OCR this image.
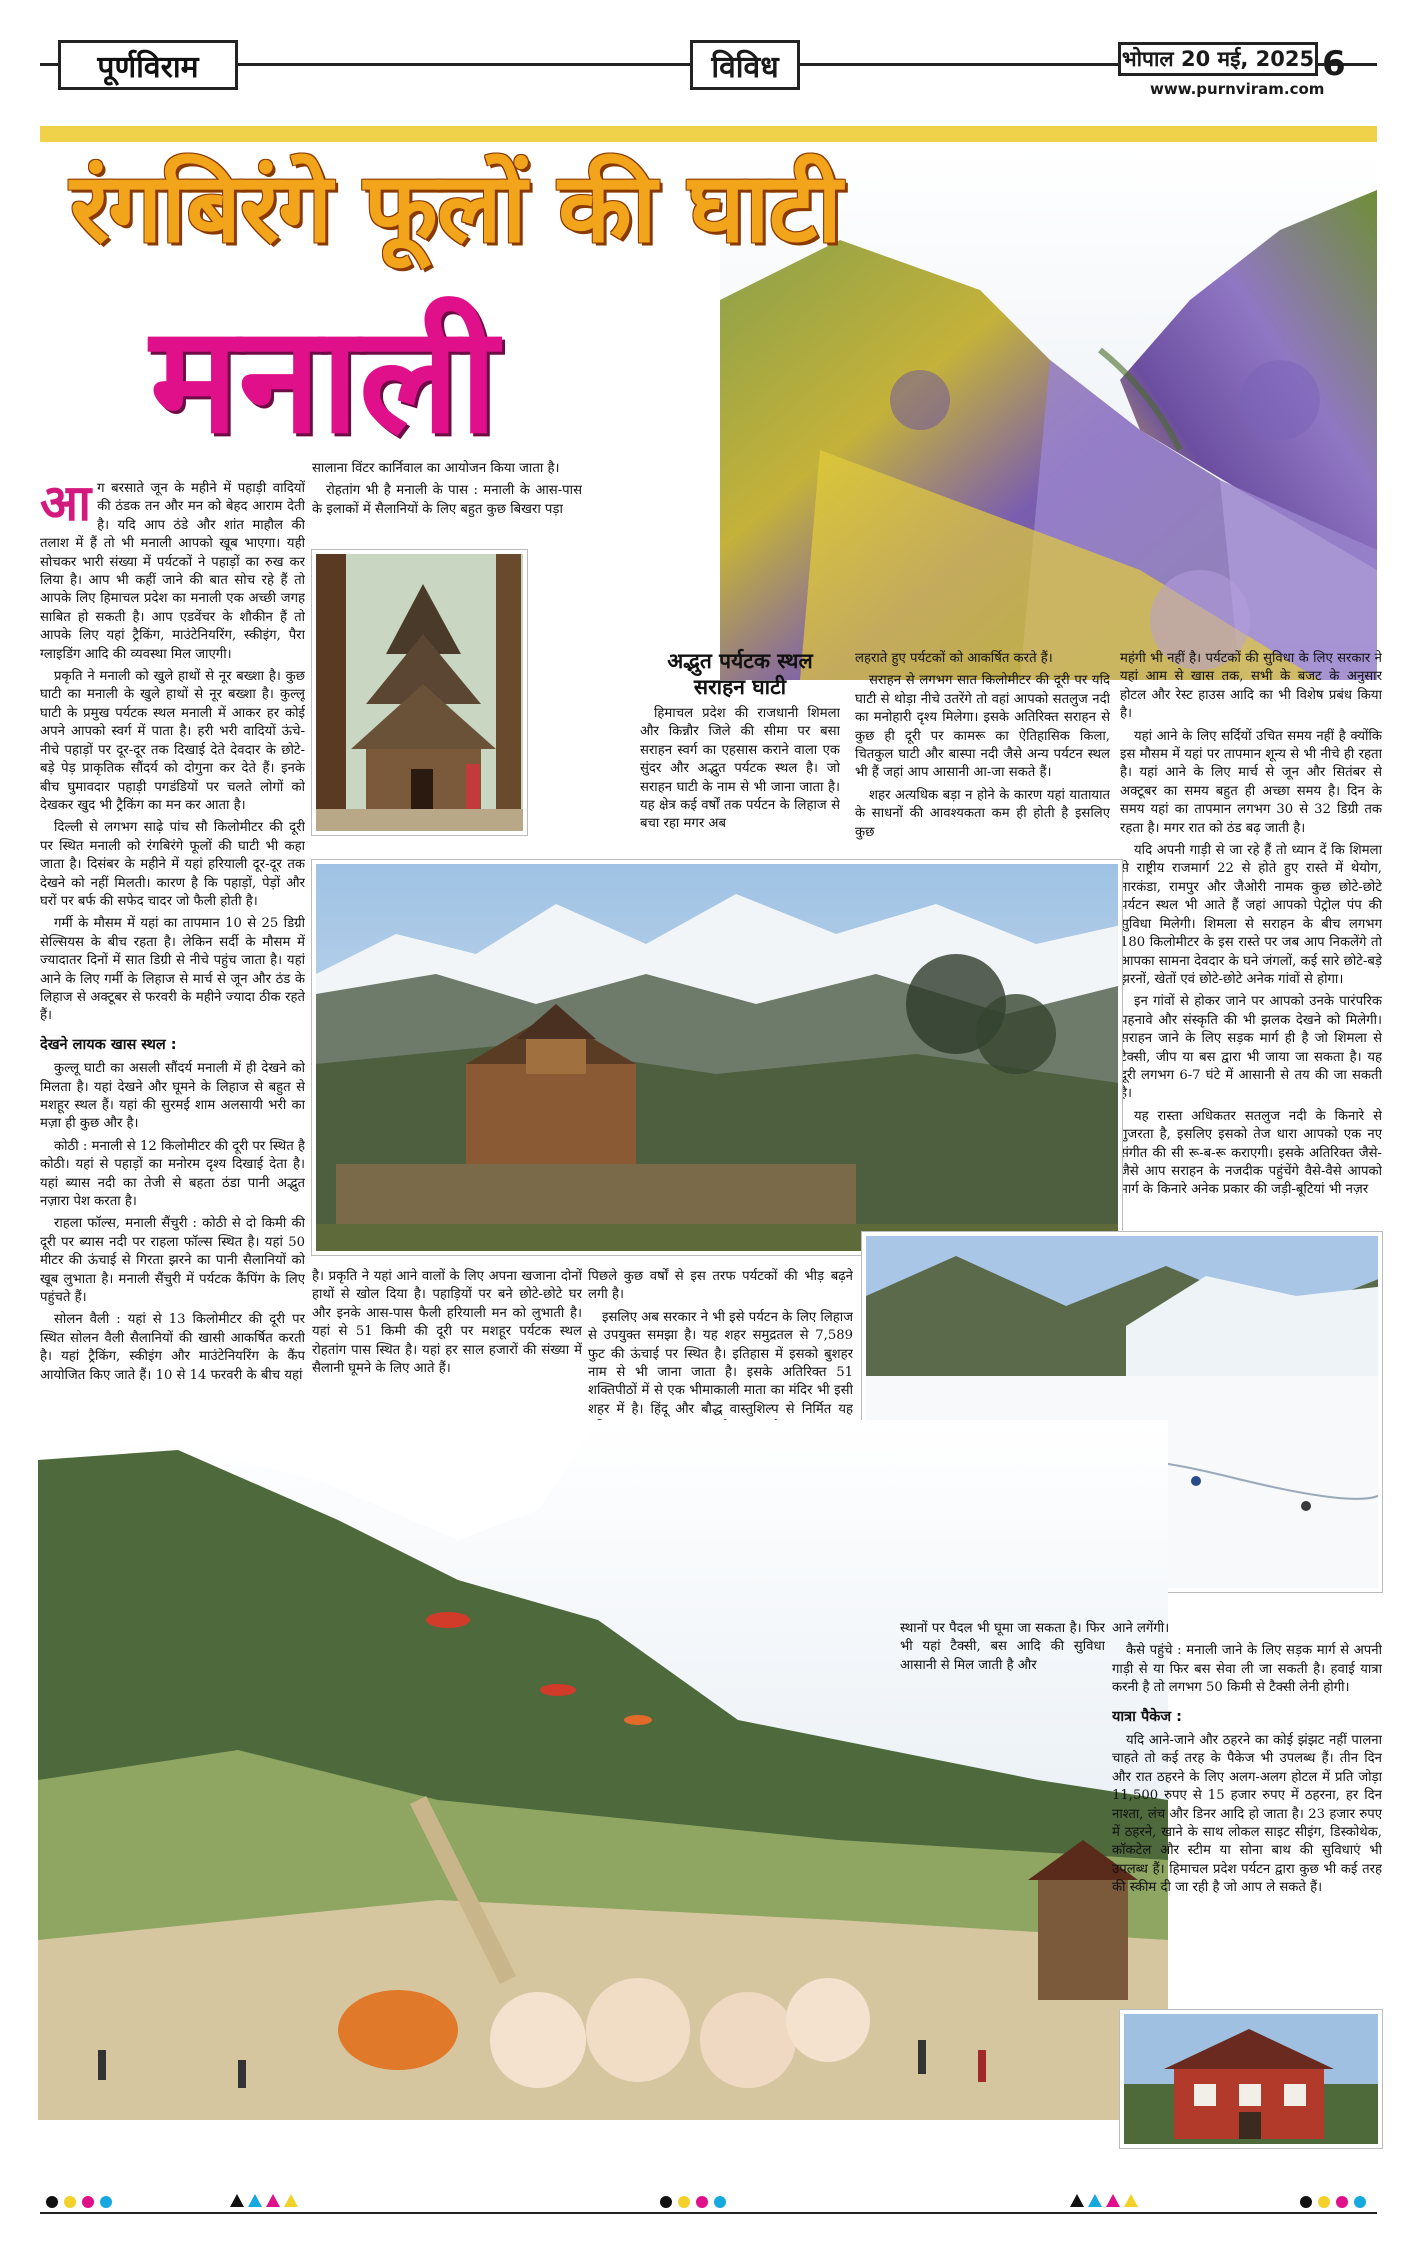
पूर्णविराम	विविध	भोपाल 20 मई, 2025 6
www.purnviram.com
रंगबिरंगे फूलों की घाटी
मनाली
आ ग बरसाते जून के महीने में पहाड़ी वादियों की ठंडक तन और मन को बेहद आराम देती है। यदि आप ठंडे और शांत माहौल की तलाश में हैं तो भी मनाली आपको खूब भाएगा। यही सोचकर भारी संख्या में पर्यटकों ने पहाड़ों का रुख कर लिया है। आप भी कहीं जाने की बात सोच रहे हैं तो आपके लिए हिमाचल प्रदेश का मनाली एक अच्छी जगह साबित हो सकती है। आप एडवेंचर के शौकीन हैं तो आपके लिए यहां ट्रैकिंग, माउंटेनियरिंग, स्कीइंग, पैरा ग्लाइडिंग आदि की व्यवस्था मिल जाएगी।

प्रकृति ने मनाली को खुले हाथों से नूर बख्शा है। कुछ घाटी का मनाली के खुले हाथों से नूर बख्शा है। कुल्लू घाटी के प्रमुख पर्यटक स्थल मनाली में आकर हर कोई अपने आपको स्वर्ग में पाता है। हरी भरी वादियों ऊंचे-नीचे पहाड़ों पर दूर-दूर तक दिखाई देते देवदार के छोटे-बड़े पेड़ प्राकृतिक सौंदर्य को दोगुना कर देते हैं। इनके बीच घुमावदार पहाड़ी पगडंडियों पर चलते लोगों को देखकर खुद भी ट्रैकिंग का मन कर आता है।

दिल्ली से लगभग साढ़े पांच सौ किलोमीटर की दूरी पर स्थित मनाली को रंगबिरंगे फूलों की घाटी भी कहा जाता है। दिसंबर के महीने में यहां हरियाली दूर-दूर तक देखने को नहीं मिलती। कारण है कि पहाड़ों, पेड़ों और घरों पर बर्फ की सफेद चादर जो फैली होती है।

गर्मी के मौसम में यहां का तापमान 10 से 25 डिग्री सेल्सियस के बीच रहता है। लेकिन सर्दी के मौसम में ज्यादातर दिनों में सात डिग्री से नीचे पहुंच जाता है। यहां आने के लिए गर्मी के लिहाज से मार्च से जून और ठंड के लिहाज से अक्टूबर से फरवरी के महीने ज्यादा ठीक रहते हैं।

देखने लायक खास स्थल :

कुल्लू घाटी का असली सौंदर्य मनाली में ही देखने को मिलता है। यहां देखने और घूमने के लिहाज से बहुत से मशहूर स्थल हैं। यहां की सुरमई शाम अलसायी भरी का मज़ा ही कुछ और है।

कोठी : मनाली से 12 किलोमीटर की दूरी पर स्थित है कोठी। यहां से पहाड़ों का मनोरम दृश्य दिखाई देता है। यहां ब्यास नदी का तेजी से बहता ठंडा पानी अद्भुत नज़ारा पेश करता है।

राहला फॉल्स, मनाली सैंचुरी : कोठी से दो किमी की दूरी पर ब्यास नदी पर राहला फॉल्स स्थित है। यहां 50 मीटर की ऊंचाई से गिरता झरने का पानी सैलानियों को खूब लुभाता है। मनाली सैंचुरी में पर्यटक कैंपिंग के लिए पहुंचते हैं।

सोलन वैली : यहां से 13 किलोमीटर की दूरी पर स्थित सोलन वैली सैलानियों की खासी आकर्षित करती है। यहां ट्रैकिंग, स्कीइंग और माउंटेनियरिंग के कैंप आयोजित किए जाते हैं। 10 से 14 फरवरी के बीच यहां

सालाना विंटर कार्निवाल का आयोजन किया जाता है।

रोहतांग भी है मनाली के पास : मनाली के आस-पास के इलाकों में सैलानियों के लिए बहुत कुछ बिखरा पड़ा

अद्भुत पर्यटक स्थल सराहन घाटी

हिमाचल प्रदेश की राजधानी शिमला और किन्नौर जिले की सीमा पर बसा सराहन स्वर्ग का एहसास कराने वाला एक सुंदर और अद्भुत पर्यटक स्थल है। जो सराहन घाटी के नाम से भी जाना जाता है। यह क्षेत्र कई वर्षों तक पर्यटन के लिहाज से बचा रहा मगर अब

लहराते हुए पर्यटकों को आकर्षित करते हैं।

सराहन से लगभग सात किलोमीटर की दूरी पर यदि घाटी से थोड़ा नीचे उतरेंगे तो वहां आपको सतलुज नदी का मनोहारी दृश्य मिलेगा। इसके अतिरिक्त सराहन से कुछ ही दूरी पर कामरू का ऐतिहासिक किला, चितकुल घाटी और बास्पा नदी जैसे अन्य पर्यटन स्थल भी हैं जहां आप आसानी आ-जा सकते हैं।

शहर अत्यधिक बड़ा न होने के कारण यहां यातायात के साधनों की आवश्यकता कम ही होती है इसलिए कुछ

महंगी भी नहीं है। पर्यटकों की सुविधा के लिए सरकार ने यहां आम से खास तक, सभी के बजट के अनुसार होटल और रेस्ट हाउस आदि का भी विशेष प्रबंध किया है।

यहां आने के लिए सर्दियों उचित समय नहीं है क्योंकि इस मौसम में यहां पर तापमान शून्य से भी नीचे ही रहता है। यहां आने के लिए मार्च से जून और सितंबर से अक्टूबर का समय बहुत ही अच्छा समय है। दिन के समय यहां का तापमान लगभग 30 से 32 डिग्री तक रहता है। मगर रात को ठंड बढ़ जाती है।

यदि अपनी गाड़ी से जा रहे हैं तो ध्यान दें कि शिमला से राष्ट्रीय राजमार्ग 22 से होते हुए रास्ते में थेयोग, नारकंडा, रामपुर और जैओरी नामक कुछ छोटे-छोटे पर्यटन स्थल भी आते हैं जहां आपको पेट्रोल पंप की सुविधा मिलेगी। शिमला से सराहन के बीच लगभग 180 किलोमीटर के इस रास्ते पर जब आप निकलेंगे तो आपका सामना देवदार के घने जंगलों, कई सारे छोटे-बड़े झरनों, खेतों एवं छोटे-छोटे अनेक गांवों से होगा।

इन गांवों से होकर जाने पर आपको उनके पारंपरिक पहनावे और संस्कृति की भी झलक देखने को मिलेगी। सराहन जाने के लिए सड़क मार्ग ही है जो शिमला से टैक्सी, जीप या बस द्वारा भी जाया जा सकता है। यह दूरी लगभग 6-7 घंटे में आसानी से तय की जा सकती है।

यह रास्ता अधिकतर सतलुज नदी के किनारे से गुजरता है, इसलिए इसको तेज धारा आपको एक नए संगीत की सी रू-ब-रू कराएगी। इसके अतिरिक्त जैसे-जैसे आप सराहन के नजदीक पहुंचेंगे वैसे-वैसे आपको मार्ग के किनारे अनेक प्रकार की जड़ी-बूटियां भी नज़र

है। प्रकृति ने यहां आने वालों के लिए अपना खजाना दोनों हाथों से खोल दिया है। पहाड़ियों पर बने छोटे-छोटे घर और इनके आस-पास फैली हरियाली मन को लुभाती है। यहां से 51 किमी की दूरी पर मशहूर पर्यटक स्थल रोहतांग पास स्थित है। यहां हर साल हजारों की संख्या में सैलानी घूमने के लिए आते हैं।

पिछले कुछ वर्षों से इस तरफ पर्यटकों की भीड़ बढ़ने लगी है।

इसलिए अब सरकार ने भी इसे पर्यटन के लिए लिहाज से उपयुक्त समझा है। यह शहर समुद्रतल से 7,589 फुट की ऊंचाई पर स्थित है। इतिहास में इसको बुशहर नाम से भी जाना जाता है। इसके अतिरिक्त 51 शक्तिपीठों में से एक भीमाकाली माता का मंदिर भी इसी शहर में है। हिंदू और बौद्ध वास्तुशिल्प से निर्मित यह

स्थानों पर पैदल भी घूमा जा सकता है। फिर भी यहां टैक्सी, बस आदि की सुविधा आसानी से मिल जाती है और

आने लगेंगी।

कैसे पहुंचे : मनाली जाने के लिए सड़क मार्ग से अपनी गाड़ी से या फिर बस सेवा ली जा सकती है। हवाई यात्रा करनी है तो लगभग 50 किमी से टैक्सी लेनी होगी।

यात्रा पैकेज :

यदि आने-जाने और ठहरने का कोई झंझट नहीं पालना चाहते तो कई तरह के पैकेज भी उपलब्ध हैं। तीन दिन और रात ठहरने के लिए अलग-अलग होटल में प्रति जोड़ा 11,500 रुपए से 15 हजार रुपए में ठहरना, हर दिन नाश्ता, लंच और डिनर आदि हो जाता है। 23 हजार रुपए में ठहरने, खाने के साथ लोकल साइट सीइंग, डिस्कोथेक, कॉकटेल और स्टीम या सोना बाथ की सुविधाएं भी उपलब्ध हैं। हिमाचल प्रदेश पर्यटन द्वारा कुछ भी कई तरह की स्कीम दी जा रही है जो आप ले सकते हैं।
